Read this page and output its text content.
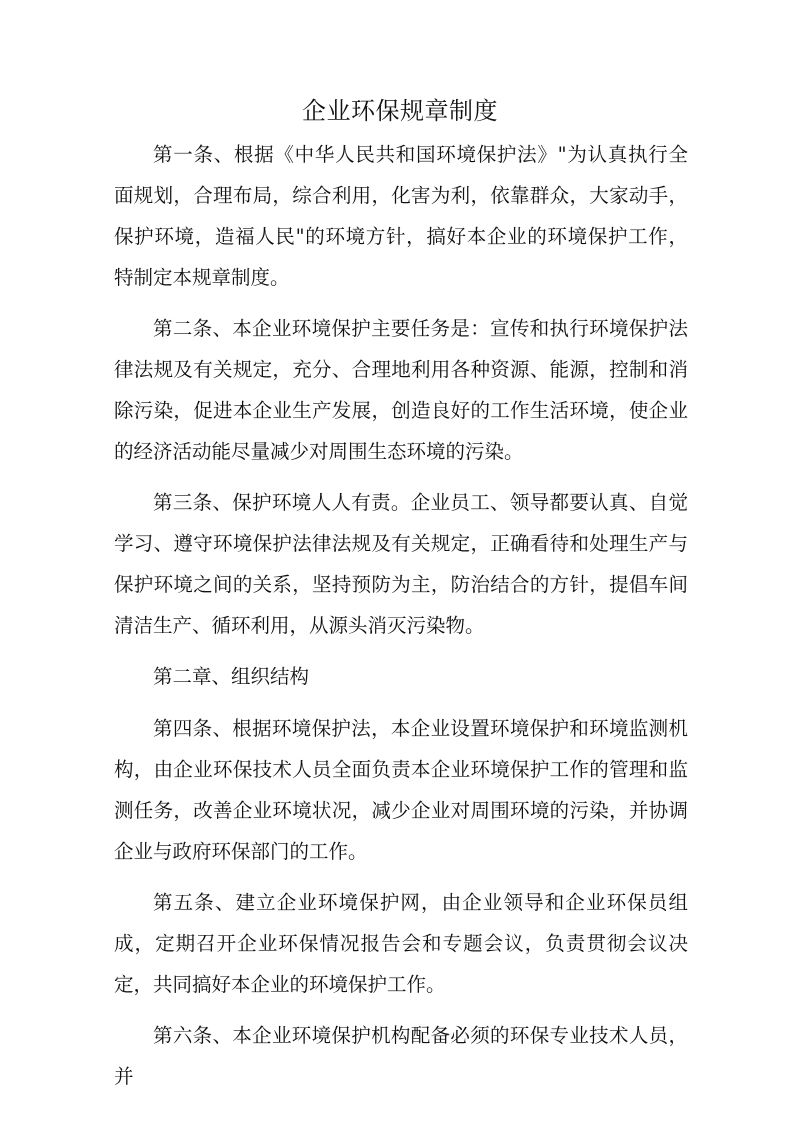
企业环保规章制度

第一条、根据《中华人民共和国环境保护法》"为认真执行全面规划，合理布局，综合利用，化害为利，依靠群众，大家动手，保护环境，造福人民"的环境方针，搞好本企业的环境保护工作，特制定本规章制度。

第二条、本企业环境保护主要任务是：宣传和执行环境保护法律法规及有关规定，充分、合理地利用各种资源、能源，控制和消除污染，促进本企业生产发展，创造良好的工作生活环境，使企业的经济活动能尽量减少对周围生态环境的污染。

第三条、保护环境人人有责。企业员工、领导都要认真、自觉学习、遵守环境保护法律法规及有关规定，正确看待和处理生产与保护环境之间的关系，坚持预防为主，防治结合的方针，提倡车间清洁生产、循环利用，从源头消灭污染物。

第二章、组织结构

第四条、根据环境保护法，本企业设置环境保护和环境监测机构，由企业环保技术人员全面负责本企业环境保护工作的管理和监测任务，改善企业环境状况，减少企业对周围环境的污染，并协调企业与政府环保部门的工作。

第五条、建立企业环境保护网，由企业领导和企业环保员组成，定期召开企业环保情况报告会和专题会议，负责贯彻会议决定，共同搞好本企业的环境保护工作。

第六条、本企业环境保护机构配备必须的环保专业技术人员，并
